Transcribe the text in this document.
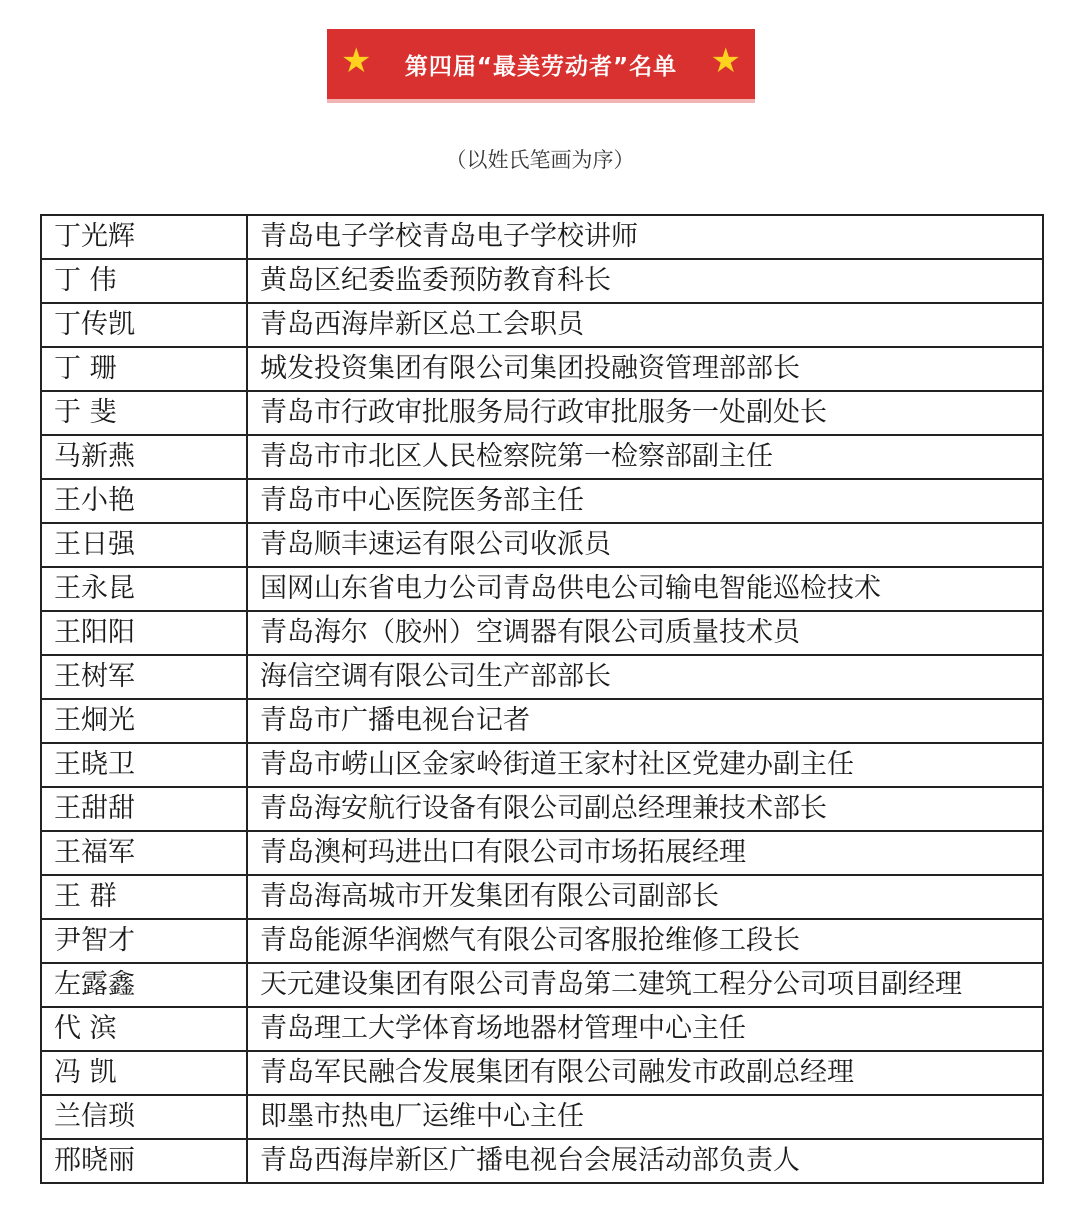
★ 第四届“最美劳动者”名单 ★
（以姓氏笔画为序）
丁光辉	青岛电子学校青岛电子学校讲师
丁 伟	黄岛区纪委监委预防教育科长
丁传凯	青岛西海岸新区总工会职员
丁 珊	城发投资集团有限公司集团投融资管理部部长
于 斐	青岛市行政审批服务局行政审批服务一处副处长
马新燕	青岛市市北区人民检察院第一检察部副主任
王小艳	青岛市中心医院医务部主任
王日强	青岛顺丰速运有限公司收派员
王永昆	国网山东省电力公司青岛供电公司输电智能巡检技术
王阳阳	青岛海尔（胶州）空调器有限公司质量技术员
王树军	海信空调有限公司生产部部长
王炯光	青岛市广播电视台记者
王晓卫	青岛市崂山区金家岭街道王家村社区党建办副主任
王甜甜	青岛海安航行设备有限公司副总经理兼技术部长
王福军	青岛澳柯玛进出口有限公司市场拓展经理
王 群	青岛海高城市开发集团有限公司副部长
尹智才	青岛能源华润燃气有限公司客服抢维修工段长
左露鑫	天元建设集团有限公司青岛第二建筑工程分公司项目副经理
代 滨	青岛理工大学体育场地器材管理中心主任
冯 凯	青岛军民融合发展集团有限公司融发市政副总经理
兰信琐	即墨市热电厂运维中心主任
邢晓丽	青岛西海岸新区广播电视台会展活动部负责人
